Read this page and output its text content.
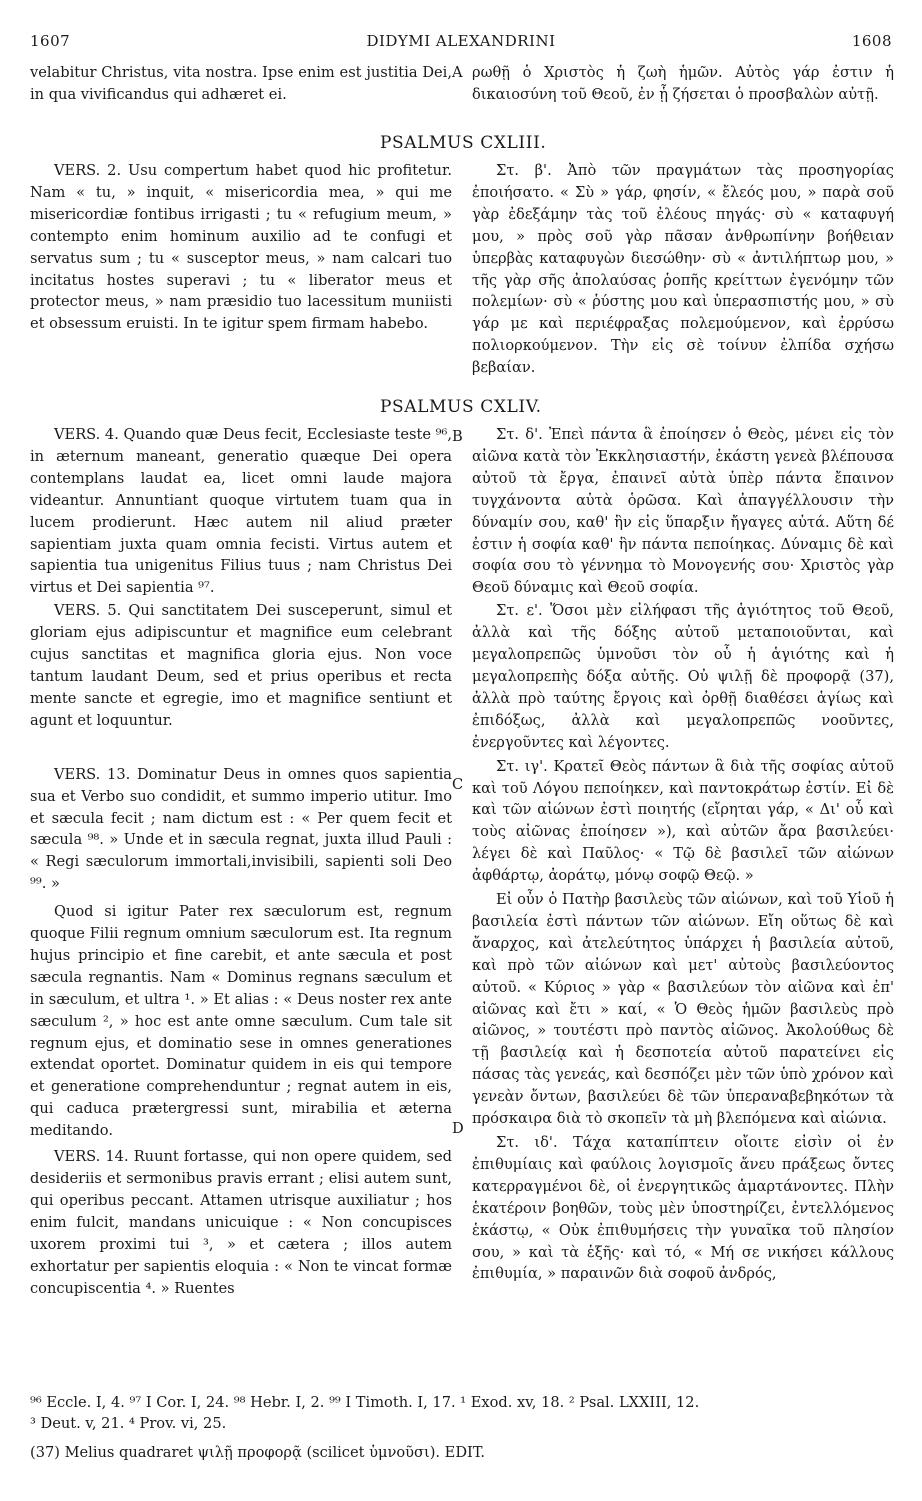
1607	DIDYMI ALEXANDRINI	1608

velabitur Christus, vita nostra. Ipse enim est justitia Dei, in qua vivificandus qui adhæret ei.

ρωθῇ ὁ Χριστὸς ἡ ζωὴ ἡμῶν. Αὐτὸς γάρ ἐστιν ἡ δικαιοσύνη τοῦ Θεοῦ, ἐν ᾗ ζήσεται ὁ προσβαλὼν αὐτῇ.

A
PSALMUS CXLIII.

VERS. 2. Usu compertum habet quod hic profitetur. Nam « tu, » inquit, « misericordia mea, » qui me misericordiæ fontibus irrigasti ; tu « refugium meum, » contempto enim hominum auxilio ad te confugi et servatus sum ; tu « susceptor meus, » nam calcari tuo incitatus hostes superavi ; tu « liberator meus et protector meus, » nam præsidio tuo lacessitum muniisti et obsessum eruisti. In te igitur spem firmam habebo.

Στ. β'. Ἀπὸ τῶν πραγμάτων τὰς προσηγορίας ἐποιήσατο. « Σὺ » γάρ, φησίν, « ἔλεός μου, » παρὰ σοῦ γὰρ ἐδεξάμην τὰς τοῦ ἐλέους πηγάς· σὺ « καταφυγή μου, » πρὸς σοῦ γὰρ πᾶσαν ἀνθρωπίνην βοήθειαν ὑπερβὰς καταφυγὼν διεσώθην· σὺ « ἀντιλήπτωρ μου, » τῆς γὰρ σῆς ἀπολαύσας ῥοπῆς κρείττων ἐγενόμην τῶν πολεμίων· σὺ « ῥύστης μου καὶ ὑπερασπιστής μου, » σὺ γάρ με καὶ περιέφραξας πολεμούμενον, καὶ ἐρρύσω πολιορκούμενον. Τὴν εἰς σὲ τοίνυν ἐλπίδα σχήσω βεβαίαν.

PSALMUS CXLIV.
B

VERS. 4. Quando quæ Deus fecit, Ecclesiaste teste ⁹⁶, in æternum maneant, generatio quæque Dei opera contemplans laudat ea, licet omni laude majora videantur. Annuntiant quoque virtutem tuam qua in lucem prodierunt. Hæc autem nil aliud præter sapientiam juxta quam omnia fecisti. Virtus autem et sapientia tua unigenitus Filius tuus ; nam Christus Dei virtus et Dei sapientia ⁹⁷.

VERS. 5. Qui sanctitatem Dei susceperunt, simul et gloriam ejus adipiscuntur et magnifice eum celebrant cujus sanctitas et magnifica gloria ejus. Non voce tantum laudant Deum, sed et prius operibus et recta mente sancte et egregie, imo et magnifice sentiunt et agunt et loquuntur.

VERS. 13. Dominatur Deus in omnes quos sapientia sua et Verbo suo condidit, et summo imperio utitur. Imo et sæcula fecit ; nam dictum est : « Per quem fecit et sæcula ⁹⁸. » Unde et in sæcula regnat, juxta illud Pauli : « Regi sæculorum immortali,invisibili, sapienti soli Deo ⁹⁹. »

Quod si igitur Pater rex sæculorum est, regnum quoque Filii regnum omnium sæculorum est. Ita regnum hujus principio et fine carebit, et ante sæcula et post sæcula regnantis. Nam « Dominus regnans sæculum et in sæculum, et ultra ¹. » Et alias : « Deus noster rex ante sæculum ², » hoc est ante omne sæculum. Cum tale sit regnum ejus, et dominatio sese in omnes generationes extendat oportet. Dominatur quidem in eis qui tempore et generatione comprehenduntur ; regnat autem in eis, qui caduca prætergressi sunt, mirabilia et æterna meditando.

VERS. 14. Ruunt fortasse, qui non opere quidem, sed desideriis et sermonibus pravis errant ; elisi autem sunt, qui operibus peccant. Attamen utrisque auxiliatur ; hos enim fulcit, mandans unicuique : « Non concupisces uxorem proximi tui ³, » et cætera ; illos autem exhortatur per sapientis eloquia : « Non te vincat formæ concupiscentia ⁴. » Ruentes

Στ. δ'. Ἐπεὶ πάντα ἃ ἐποίησεν ὁ Θεὸς, μένει εἰς τὸν αἰῶνα κατὰ τὸν Ἐκκλησιαστήν, ἑκάστη γενεὰ βλέπουσα αὐτοῦ τὰ ἔργα, ἐπαινεῖ αὐτὰ ὑπὲρ πάντα ἔπαινον τυγχάνοντα αὐτὰ ὁρῶσα. Καὶ ἀπαγγέλλουσιν τὴν δύναμίν σου, καθ' ἣν εἰς ὕπαρξιν ἤγαγες αὐτά. Αὕτη δέ ἐστιν ἡ σοφία καθ' ἣν πάντα πεποίηκας. Δύναμις δὲ καὶ σοφία σου τὸ γέννημα τὸ Μονογενής σου· Χριστὸς γὰρ Θεοῦ δύναμις καὶ Θεοῦ σοφία.

Στ. ε'. Ὅσοι μὲν εἰλήφασι τῆς ἁγιότητος τοῦ Θεοῦ, ἀλλὰ καὶ τῆς δόξης αὐτοῦ μεταποιοῦνται, καὶ μεγαλοπρεπῶς ὑμνοῦσι τὸν οὗ ἡ ἁγιότης καὶ ἡ μεγαλοπρεπὴς δόξα αὐτῆς. Οὐ ψιλῇ δὲ προφορᾷ (37), ἀλλὰ πρὸ ταύτης ἔργοις καὶ ὀρθῇ διαθέσει ἁγίως καὶ ἐπιδόξως, ἀλλὰ καὶ μεγαλοπρεπῶς νοοῦντες, ἐνεργοῦντες καὶ λέγοντες.

Στ. ιγ'. Κρατεῖ Θεὸς πάντων ἃ διὰ τῆς σοφίας αὐτοῦ καὶ τοῦ Λόγου πεποίηκεν, καὶ παντοκράτωρ ἐστίν. Εἰ δὲ καὶ τῶν αἰώνων ἐστὶ ποιητής (εἴρηται γάρ, « Δι' οὗ καὶ τοὺς αἰῶνας ἐποίησεν »), καὶ αὐτῶν ἄρα βασιλεύει· λέγει δὲ καὶ Παῦλος· « Τῷ δὲ βασιλεῖ τῶν αἰώνων ἀφθάρτῳ, ἀοράτῳ, μόνῳ σοφῷ Θεῷ. »

Εἰ οὖν ὁ Πατὴρ βασιλεὺς τῶν αἰώνων, καὶ τοῦ Υἱοῦ ἡ βασιλεία ἐστὶ πάντων τῶν αἰώνων. Εἴη οὕτως δὲ καὶ ἄναρχος, καὶ ἀτελεύτητος ὑπάρχει ἡ βασιλεία αὐτοῦ, καὶ πρὸ τῶν αἰώνων καὶ μετ' αὐτοὺς βασιλεύοντος αὐτοῦ. « Κύριος » γὰρ « βασιλεύων τὸν αἰῶνα καὶ ἐπ' αἰῶνας καὶ ἔτι » καί, « Ὁ Θεὸς ἡμῶν βασιλεὺς πρὸ αἰῶνος, » τουτέστι πρὸ παντὸς αἰῶνος. Ἀκολούθως δὲ τῇ βασιλείᾳ καὶ ἡ δεσποτεία αὐτοῦ παρατείνει εἰς πάσας τὰς γενεάς, καὶ δεσπόζει μὲν τῶν ὑπὸ χρόνον καὶ γενεὰν ὄντων, βασιλεύει δὲ τῶν ὑπεραναβεβηκότων τὰ πρόσκαιρα διὰ τὸ σκοπεῖν τὰ μὴ βλεπόμενα καὶ αἰώνια.

Στ. ιδ'. Τάχα καταπίπτειν οἴοιτε εἰσὶν οἱ ἐν ἐπιθυμίαις καὶ φαύλοις λογισμοῖς ἄνευ πράξεως ὄντες κατερραγμένοι δὲ, οἱ ἐνεργητικῶς ἁμαρτάνοντες. Πλὴν ἑκατέροιν βοηθῶν, τοὺς μὲν ὑποστηρίζει, ἐντελλόμενος ἑκάστῳ, « Οὐκ ἐπιθυμήσεις τὴν γυναῖκα τοῦ πλησίον σου, » καὶ τὰ ἑξῆς· καὶ τό, « Μή σε νικήσει κάλλους ἐπιθυμία, » παραινῶν διὰ σοφοῦ ἀνδρός,

C
D

⁹⁶ Eccle. I, 4. ⁹⁷ I Cor. I, 24. ⁹⁸ Hebr. I, 2. ⁹⁹ I Timoth. I, 17. ¹ Exod. xv, 18. ² Psal. LXXIII, 12.

³ Deut. v, 21. ⁴ Prov. vi, 25.

(37) Melius quadraret ψιλῇ προφορᾷ (scilicet ὑμνοῦσι). EDIT.
